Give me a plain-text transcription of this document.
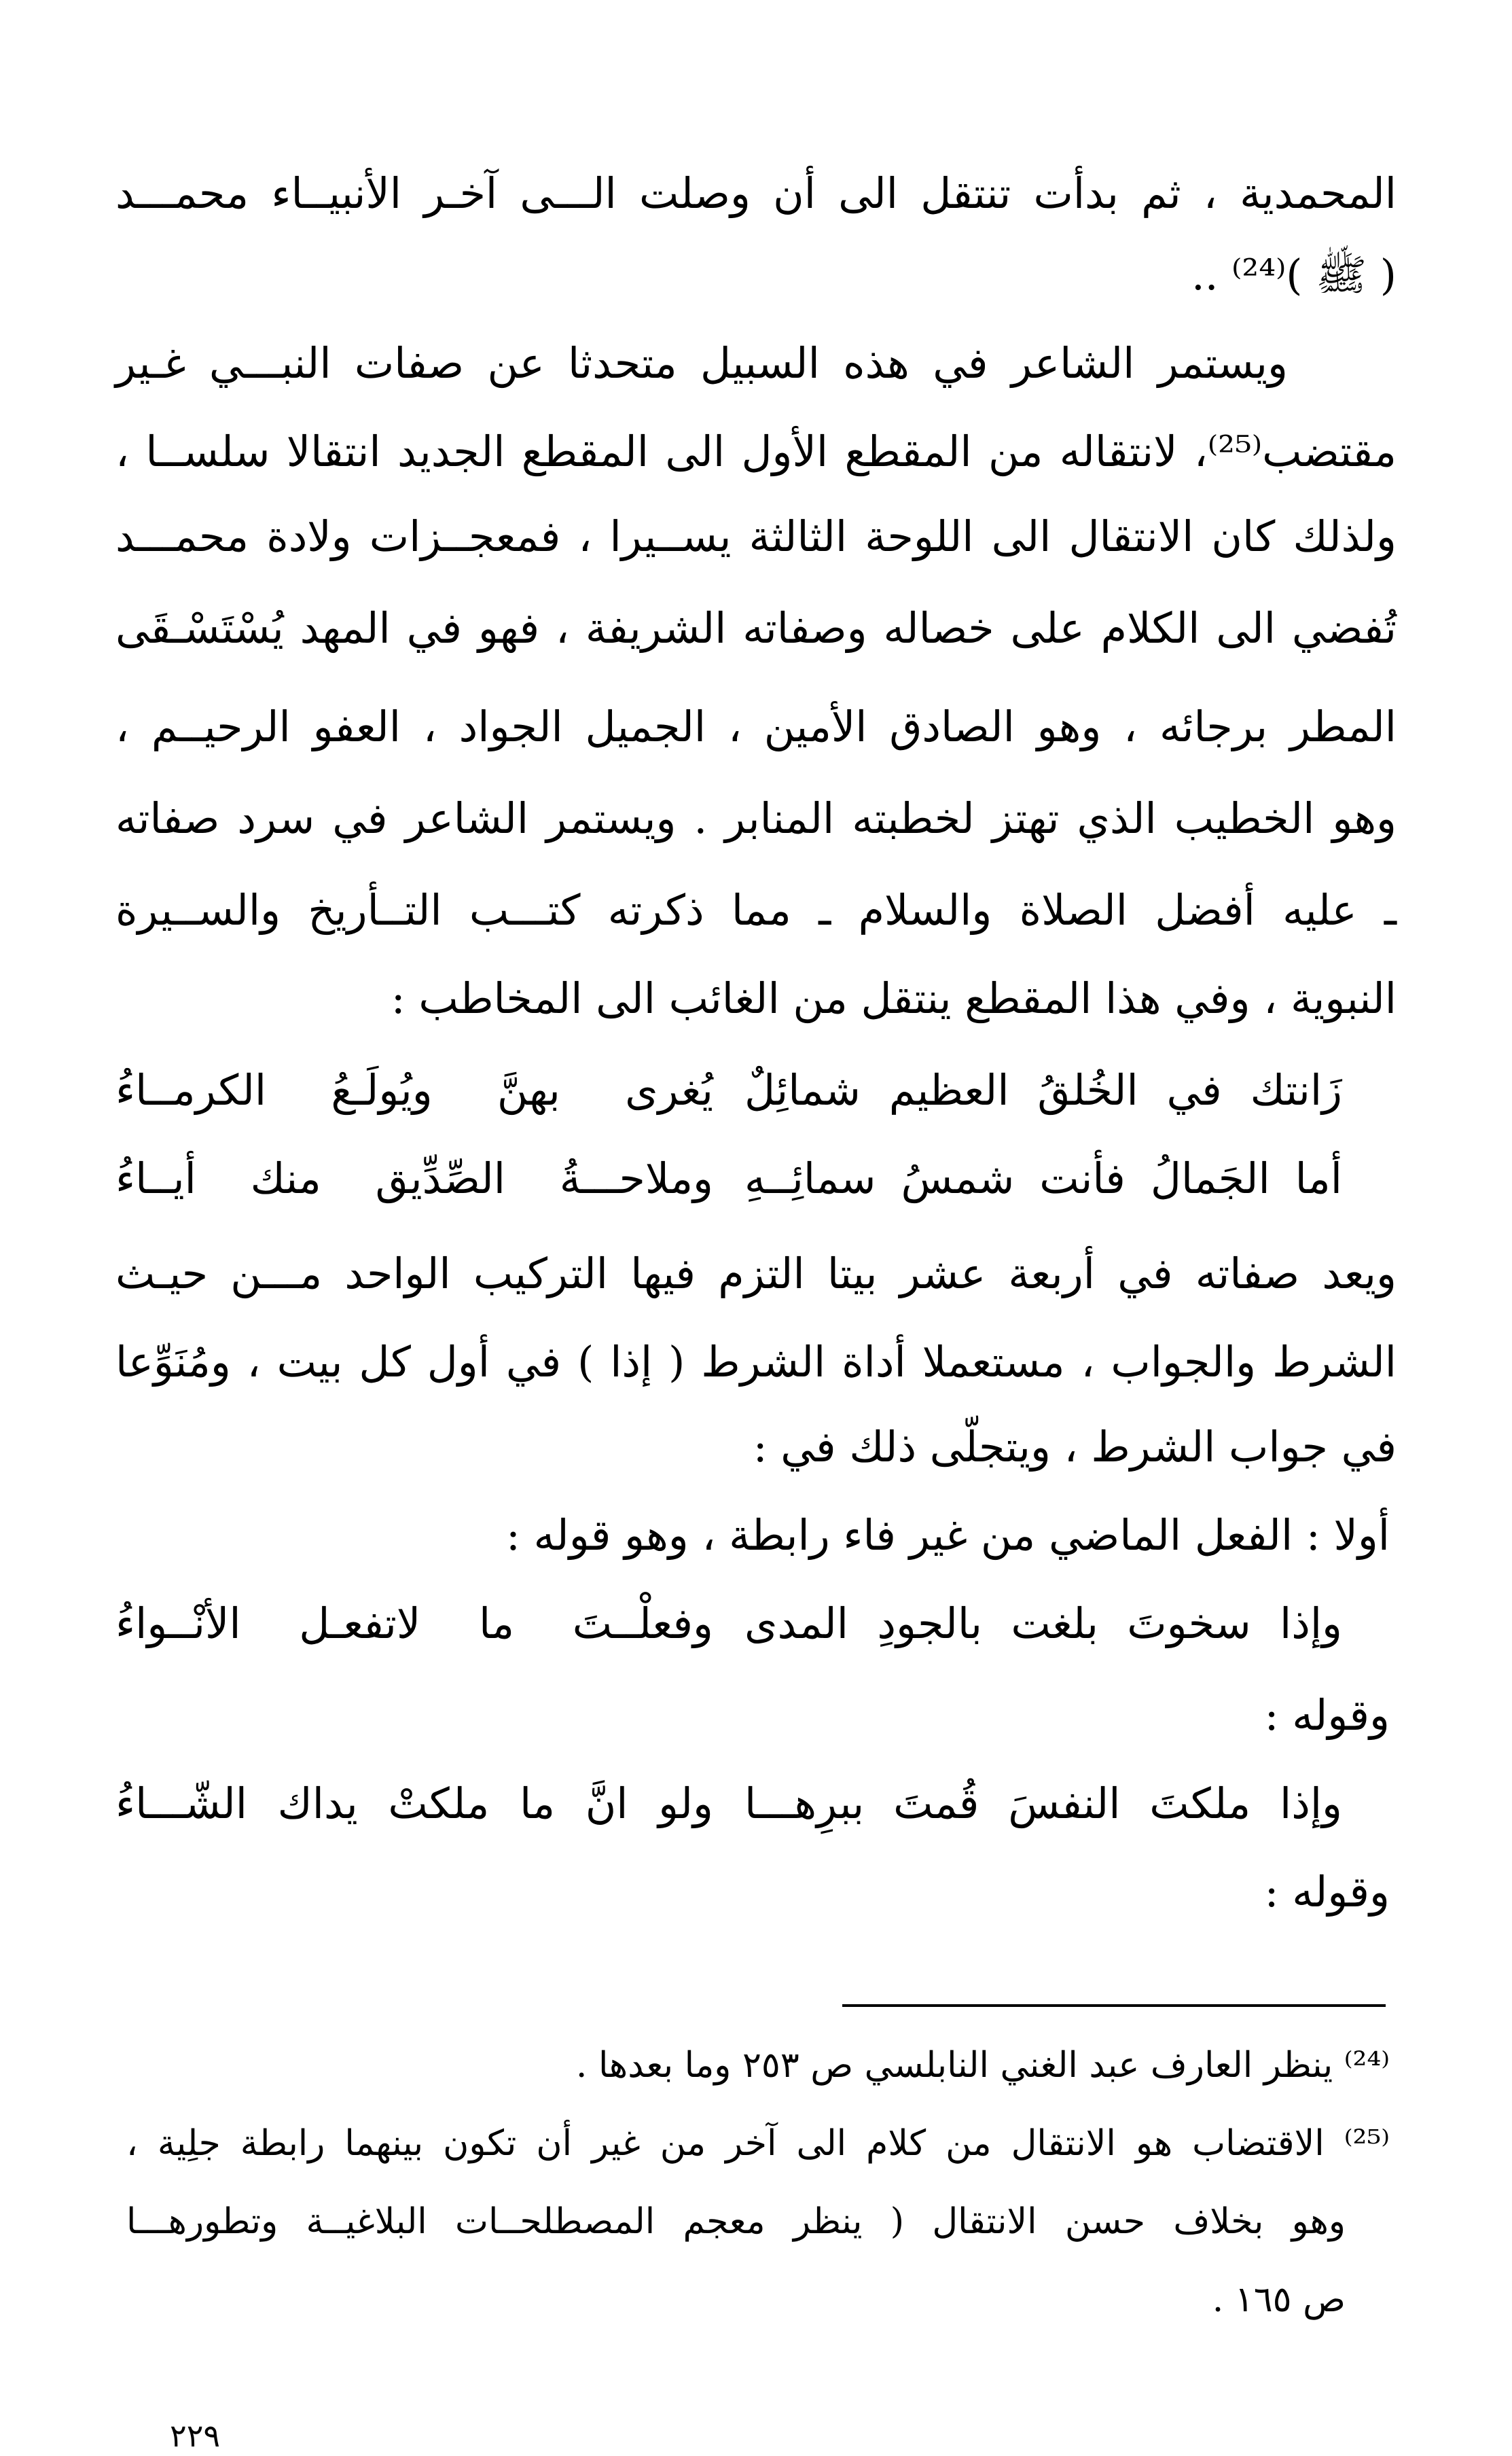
المحمدية ، ثم بدأت تنتقل الى أن وصلت الـــى آخـر الأنبيــاء محمـــد
( ﷺ )⁽²⁴⁾ ..
ويستمر الشاعر في هذه السبيل متحدثا عن صفات النبـــي غـير
مقتضب⁽²⁵⁾، لانتقاله من المقطع الأول الى المقطع الجديد انتقالا سلســا ،
ولذلك كان الانتقال الى اللوحة الثالثة يســيرا ، فمعجــزات ولادة محمـــد
تُفضي الى الكلام على خصاله وصفاته الشريفة ، فهو في المهد يُسْتَسْـقَى
المطر برجائه ، وهو الصادق الأمين ، الجميل الجواد ، العفو الرحيــم ،
وهو الخطيب الذي تهتز لخطبته المنابر . ويستمر الشاعر في سرد صفاته
ـ عليه أفضل الصلاة والسلام ـ مما ذكرته كتـــب التــأريخ والســيرة
النبوية ، وفي هذا المقطع ينتقل من الغائب الى المخاطب :
زَانتك في الخُلقُ العظيم شمائِلٌ
يُغرى بهنَّ ويُولَـعُ الكرمــاءُ
أما الجَمالُ فأنت شمسُ سمائِــهِ
وملاحـــةُ الصِّدِّيق منك أيــاءُ
ويعد صفاته في أربعة عشر بيتا التزم فيها التركيب الواحد مـــن حيـث
الشرط والجواب ، مستعملا أداة الشرط ( إذا ) في أول كل بيت ، ومُنَوِّعا
في جواب الشرط ، ويتجلّى ذلك في :
أولا : الفعل الماضي من غير فاء رابطة ، وهو قوله :
وإذا سخوتَ بلغت بالجودِ المدى
وفعلْــتَ ما لاتفعـل الأنْــواءُ
وقوله :
وإذا ملكتَ النفسَ قُمتَ ببرِهـــا
ولو انَّ ما ملكتْ يداك الشّـــاءُ
وقوله :
⁽²⁴⁾ ينظر العارف عبد الغني النابلسي ص ٢٥٣ وما بعدها .
⁽²⁵⁾ الاقتضاب هو الانتقال من كلام الى آخر من غير أن تكون بينهما رابطة جلِية ،
وهو بخلاف حسن الانتقال ( ينظر معجم المصطلحــات البلاغيــة وتطورهـــا
ص ١٦٥ .
٢٢٩
